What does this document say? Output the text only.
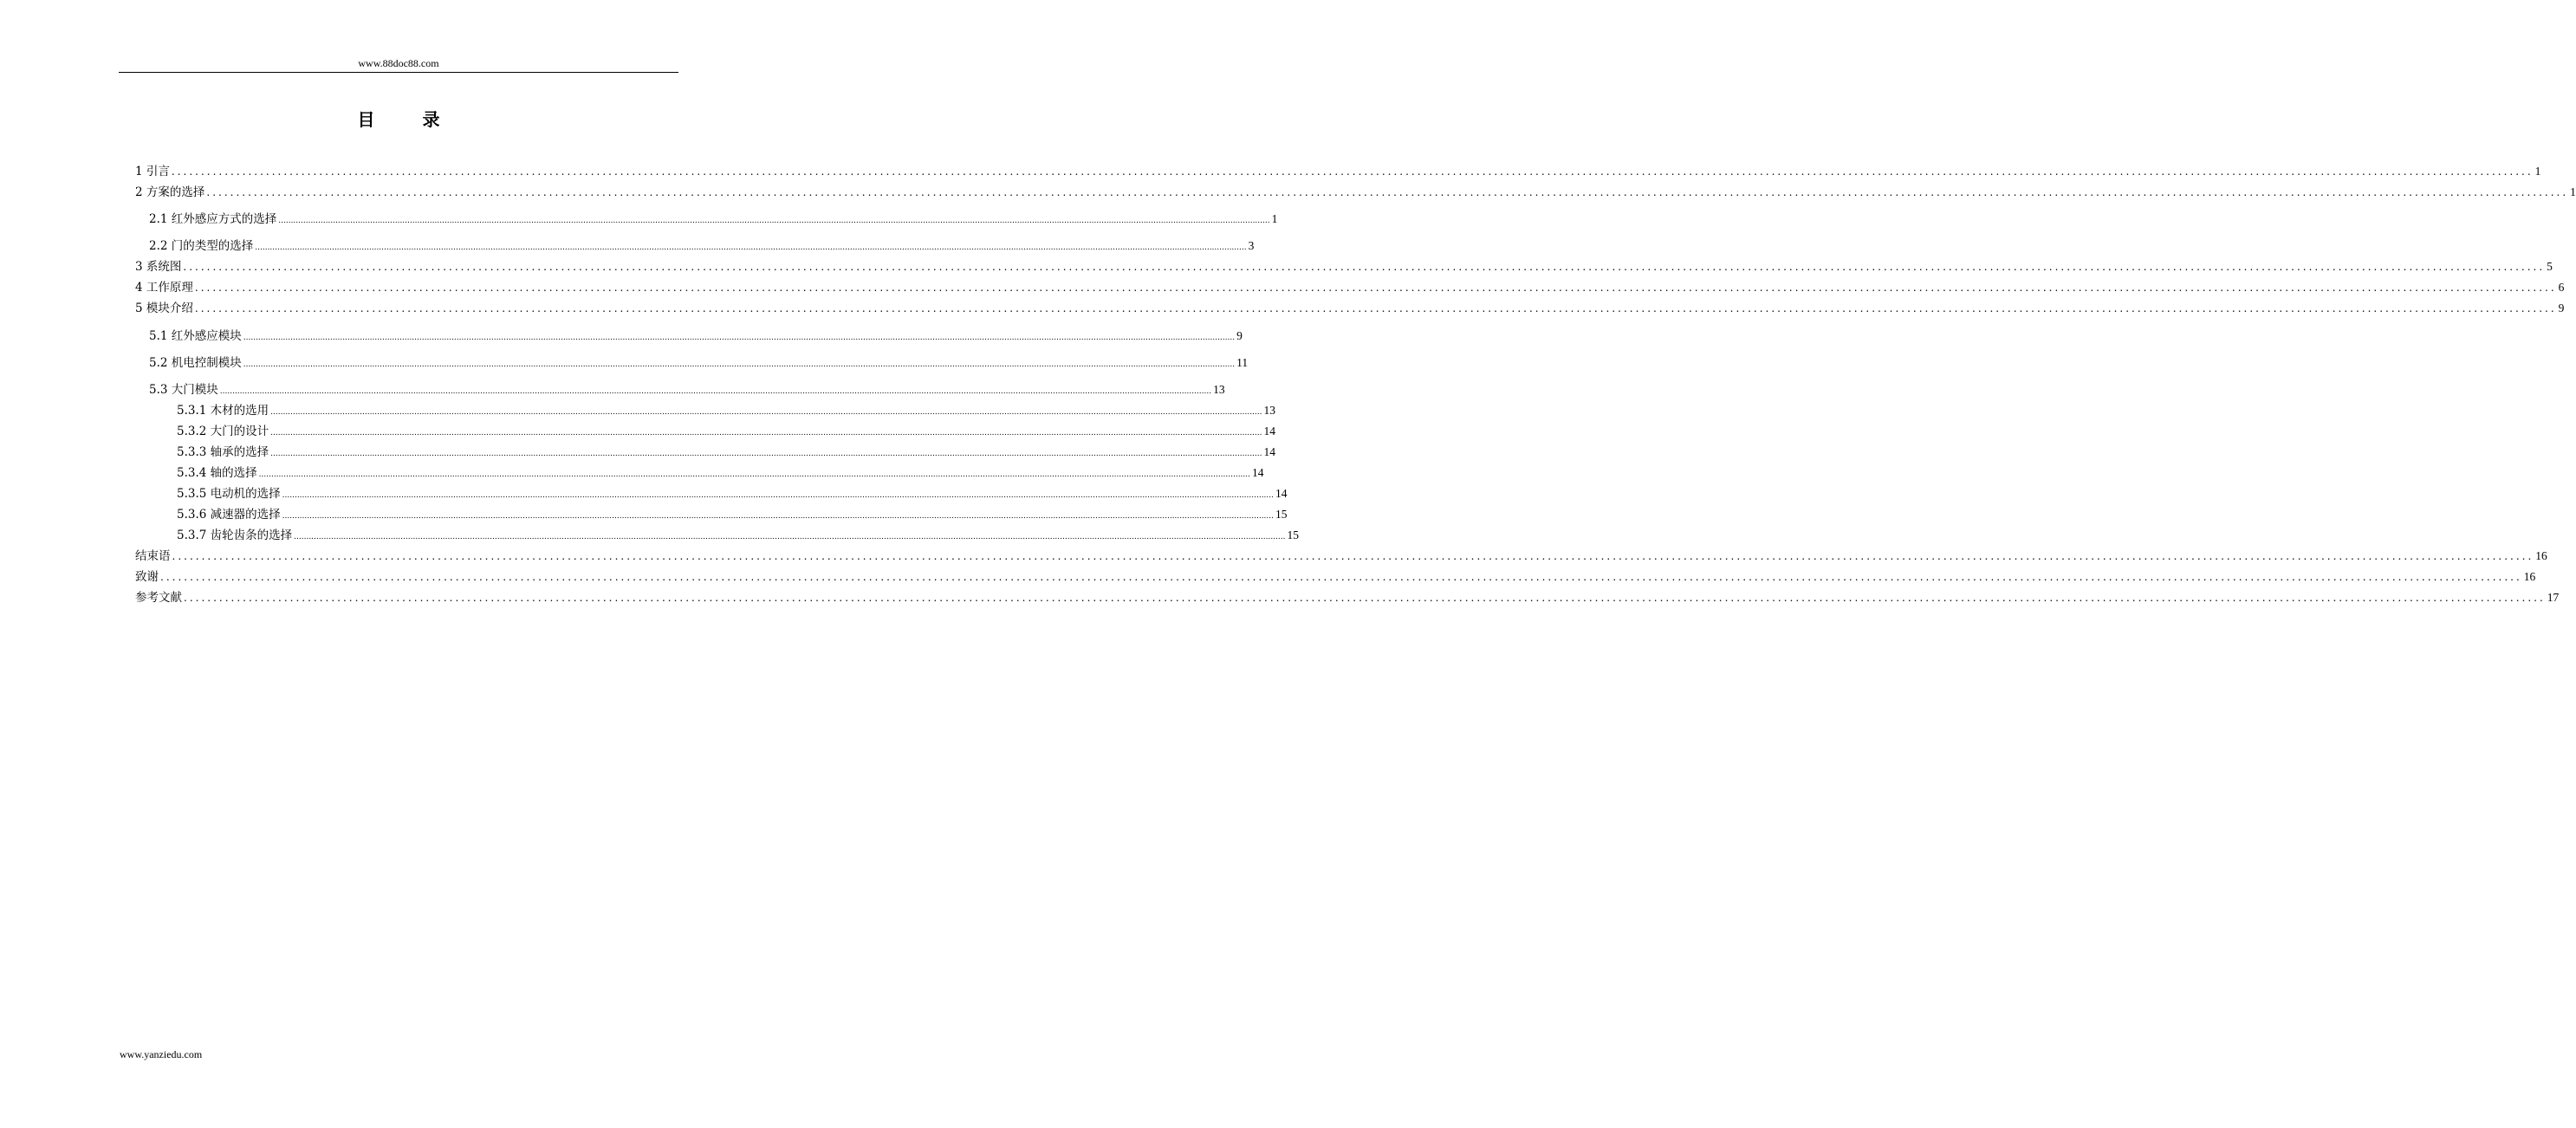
www.88doc88.com
目 录
1 引言 ................................................................................................................................................................................................................................................................................................................................................................................................................ 1
2 方案的选择 ................................................................................................................................................................................................................................................................................................................................................................................................................ 1
2.1 红外感应方式的选择 ................................................................................................................................................................................................................................................................................................................................................................................................................ 1
2.2 门的类型的选择 ................................................................................................................................................................................................................................................................................................................................................................................................................ 3
3 系统图 ................................................................................................................................................................................................................................................................................................................................................................................................................ 5
4 工作原理 ................................................................................................................................................................................................................................................................................................................................................................................................................ 6
5 模块介绍 ................................................................................................................................................................................................................................................................................................................................................................................................................ 9
5.1 红外感应模块 ................................................................................................................................................................................................................................................................................................................................................................................................................ 9
5.2 机电控制模块 ................................................................................................................................................................................................................................................................................................................................................................................................................ 11
5.3 大门模块 ................................................................................................................................................................................................................................................................................................................................................................................................................ 13
5.3.1 木材的选用 ................................................................................................................................................................................................................................................................................................................................................................................................................ 13
5.3.2 大门的设计 ................................................................................................................................................................................................................................................................................................................................................................................................................ 14
5.3.3 轴承的选择 ................................................................................................................................................................................................................................................................................................................................................................................................................ 14
5.3.4 轴的选择 ................................................................................................................................................................................................................................................................................................................................................................................................................ 14
5.3.5 电动机的选择 ................................................................................................................................................................................................................................................................................................................................................................................................................ 14
5.3.6 减速器的选择 ................................................................................................................................................................................................................................................................................................................................................................................................................ 15
5.3.7 齿轮齿条的选择 ................................................................................................................................................................................................................................................................................................................................................................................................................ 15
结束语 ................................................................................................................................................................................................................................................................................................................................................................................................................ 16
致谢 ................................................................................................................................................................................................................................................................................................................................................................................................................ 16
参考文献 ................................................................................................................................................................................................................................................................................................................................................................................................................ 17
www.yanziedu.com
